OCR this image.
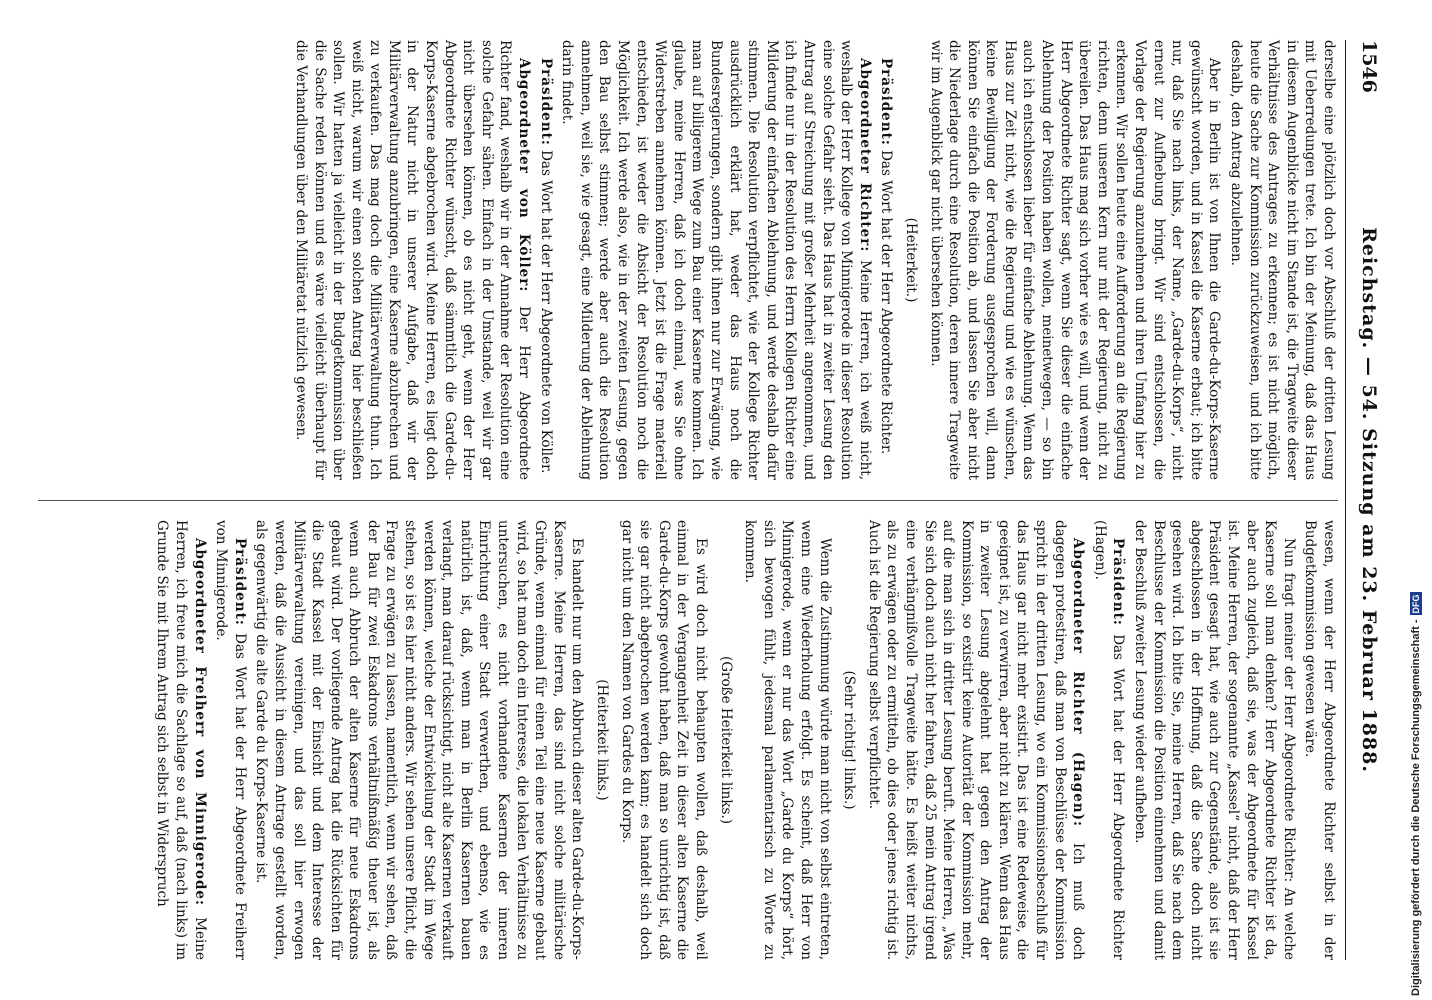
1546
Reichstag. — 54. Sitzung am 23. Februar 1888.

derselbe eine plötzlich doch vor Abschluß der dritten Lesung mit Ueberredungen trete. Ich bin der Meinung, daß das Haus in diesem Augenblicke nicht im Stande ist, die Tragweite dieser Verhältnisse des Antrages zu erkennen; es ist nicht möglich, heute die Sache zur Kommission zurückzuweisen, und ich bitte deshalb, den Antrag abzulehnen.

Aber in Berlin ist von Ihnen die Garde-du-Korps-Kaserne gewünscht worden, und in Kassel die Kaserne erbaut; ich bitte nur, daß Sie nach links, der Name, „Garde-du-Korps“, nicht erneut zur Aufhebung bringt. Wir sind entschlossen, die Vorlage der Regierung anzunehmen und ihren Umfang hier zu erkennen. Wir sollen heute eine Aufforderung an die Regierung richten, denn unseren Kern nur mit der Regierung, nicht zu übereilen. Das Haus mag sich vorher wie es will, und wenn der Herr Abgeordnete Richter sagt, wenn Sie dieser die einfache Ablehnung der Position haben wollen, meinetwegen, — so bin auch ich entschlossen lieber für einfache Ablehnung. Wenn das Haus zur Zeit nicht, wie die Regierung und wie es wünschen, keine Bewilligung der Forderung ausgesprochen will, dann können Sie einfach die Position ab, und lassen Sie aber nicht die Niederlage durch eine Resolution, deren innere Tragweite wir im Augenblick gar nicht übersehen können.

(Heiterkeit.)

Präsident: Das Wort hat der Herr Abgeordnete Richter.

Abgeordneter Richter: Meine Herren, ich weiß nicht, weshalb der Herr Kollege von Minnigerode in dieser Resolution eine solche Gefahr sieht. Das Haus hat in zweiter Lesung den Antrag auf Streichung mit großer Mehrheit angenommen, und ich finde nur in der Resolution des Herrn Kollegen Richter eine Milderung der einfachen Ablehnung, und werde deshalb dafür stimmen. Die Resolution verpflichtet, wie der Kollege Richter ausdrücklich erklärt hat, weder das Haus noch die Bundesregierungen, sondern gibt ihnen nur zur Erwägung, wie man auf billigerem Wege zum Bau einer Kaserne kommen. Ich glaube, meine Herren, daß ich doch einmal, was Sie ohne Widerstreben annehmen können. Jetzt ist die Frage materiell entschieden, ist weder die Absicht der Resolution noch die Möglichkeit. Ich werde also, wie in der zweiten Lesung, gegen den Bau selbst stimmen; werde aber auch die Resolution annehmen, weil sie, wie gesagt, eine Milderung der Ablehnung darin findet.

Präsident: Das Wort hat der Herr Abgeordnete von Köller.

Abgeordneter von Köller: Der Herr Abgeordnete Richter fand, weshalb wir in der Annahme der Resolution eine solche Gefahr sähen. Einfach in der Umstande, weil wir gar nicht übersehen können, ob es nicht geht, wenn der Herr Abgeordnete Richter wünscht, daß sämmtlich die Garde-du-Korps-Kaserne abgebrochen wird. Meine Herren, es liegt doch in der Natur nicht in unserer Aufgabe, daß wir der Militärverwaltung anzubringen, eine Kaserne abzubrechen und zu verkaufen. Das mag doch die Militärverwaltung thun. Ich weiß nicht, warum wir einen solchen Antrag hier beschließen sollen. Wir hatten ja vielleicht in der Budgetkommission über die Sache reden können und es wäre vielleicht überhaupt für die Verhandlungen über den Militäretat nützlich gewesen.

wesen, wenn der Herr Abgeordnete Richter selbst in der Budgetkommission gewesen wäre.

Nun fragt meiner der Herr Abgeordnete Richter: An welche Kaserne soll man denken? Herr Abgeordnete Richter ist da, aber auch zugleich, daß sie, was der Abgeordnete für Kassel ist. Meine Herren, der sogenannte „Kassel“ nicht, daß der Herr Präsident gesagt hat, wie auch zur Gegenstände, also ist sie abgeschlossen in der Hoffnung, daß die Sache doch nicht gesehen wird. Ich bitte Sie, meine Herren, daß Sie nach dem Beschlusse der Kommission die Position einnehmen und damit der Beschluß zweiter Lesung wieder aufheben.

Präsident: Das Wort hat der Herr Abgeordnete Richter (Hagen).

Abgeordneter Richter (Hagen): Ich muß doch dagegen protestiren, daß man von Beschlüsse der Kommission spricht in der dritten Lesung, wo ein Kommissionsbeschluß für das Haus gar nicht mehr existirt. Das ist eine Redeweise, die geeignet ist, zu verwirren, aber nicht zu klären. Wenn das Haus in zweiter Lesung abgelehnt hat gegen den Antrag der Kommission, so existirt keine Autorität der Kommission mehr, auf die man sich in dritter Lesung beruft. Meine Herren, „Was Sie sich doch auch nicht her fahren, daß 25 mein Antrag irgend eine verhängnißvolle Tragweite hätte. Es heißt weiter nichts, als zu erwägen oder zu ermitteln, ob dies oder jenes richtig ist. Auch ist die Regierung selbst verpflichtet.

(Sehr richtig! links.)

Wenn die Zustimmung würde man nicht von selbst eintreten, wenn eine Wiederholung erfolgt. Es scheint, daß Herr von Minnigerode, wenn er nur das Wort „Garde du Korps“ hört, sich bewogen fühlt, jedesmal parlamentarisch zu Worte zu kommen.

(Große Heiterkeit links.)

Es wird doch nicht behaupten wollen, daß deshalb, weil einmal in der Vergangenheit Zeit in dieser alten Kaserne die Garde-du-Korps gewohnt haben, daß man so unrichtig ist, daß sie gar nicht abgebrochen werden kann; es handelt sich doch gar nicht um den Namen von Gardes du Korps.

(Heiterkeit links.)

Es handelt nur um den Abbruch dieser alten Garde-du-Korps-Kaserne. Meine Herren, das sind nicht solche militärische Gründe, wenn einmal für einen Teil eine neue Kaserne gebaut wird, so hat man doch ein Interesse, die lokalen Verhältnisse zu untersuchen, es nicht vorhandene Kasernen der inneren Einrichtung einer Stadt verwerthen, und ebenso, wie es natürlich ist, daß, wenn man in Berlin Kasernen bauen verlangt, man darauf rücksichtigt, nicht alte Kasernen verkauft werden können, welche der Entwickelung der Stadt im Wege stehen, so ist es hier nicht anders. Wir sehen unsere Pflicht, die Frage zu erwägen zu lassen, namentlich, wenn wir sehen, daß der Bau für zwei Eskadrons verhältnißmäßig theuer ist, als wenn auch Abbruch der alten Kaserne für neue Eskadrons gebaut wird. Der vorliegende Antrag hat die Rücksichten für die Stadt Kassel mit der Einsicht und dem Interesse der Militärverwaltung vereinigen, und das soll hier erwogen werden, daß die Aussicht in diesem Antrage gestellt worden, als gegenwärtig die alte Garde du Korps-Kaserne ist.

Präsident: Das Wort hat der Herr Abgeordnete Freiherr von Minnigerode.

Abgeordneter Freiherr von Minnigerode: Meine Herren, ich freue mich die Sachlage so auf, daß (nach links) im Grunde Sie mit Ihrem Antrag sich selbst in Widerspruch	Digitalisierung gefördert durch die Deutsche Forschungsgemeinschaft -
DFG
